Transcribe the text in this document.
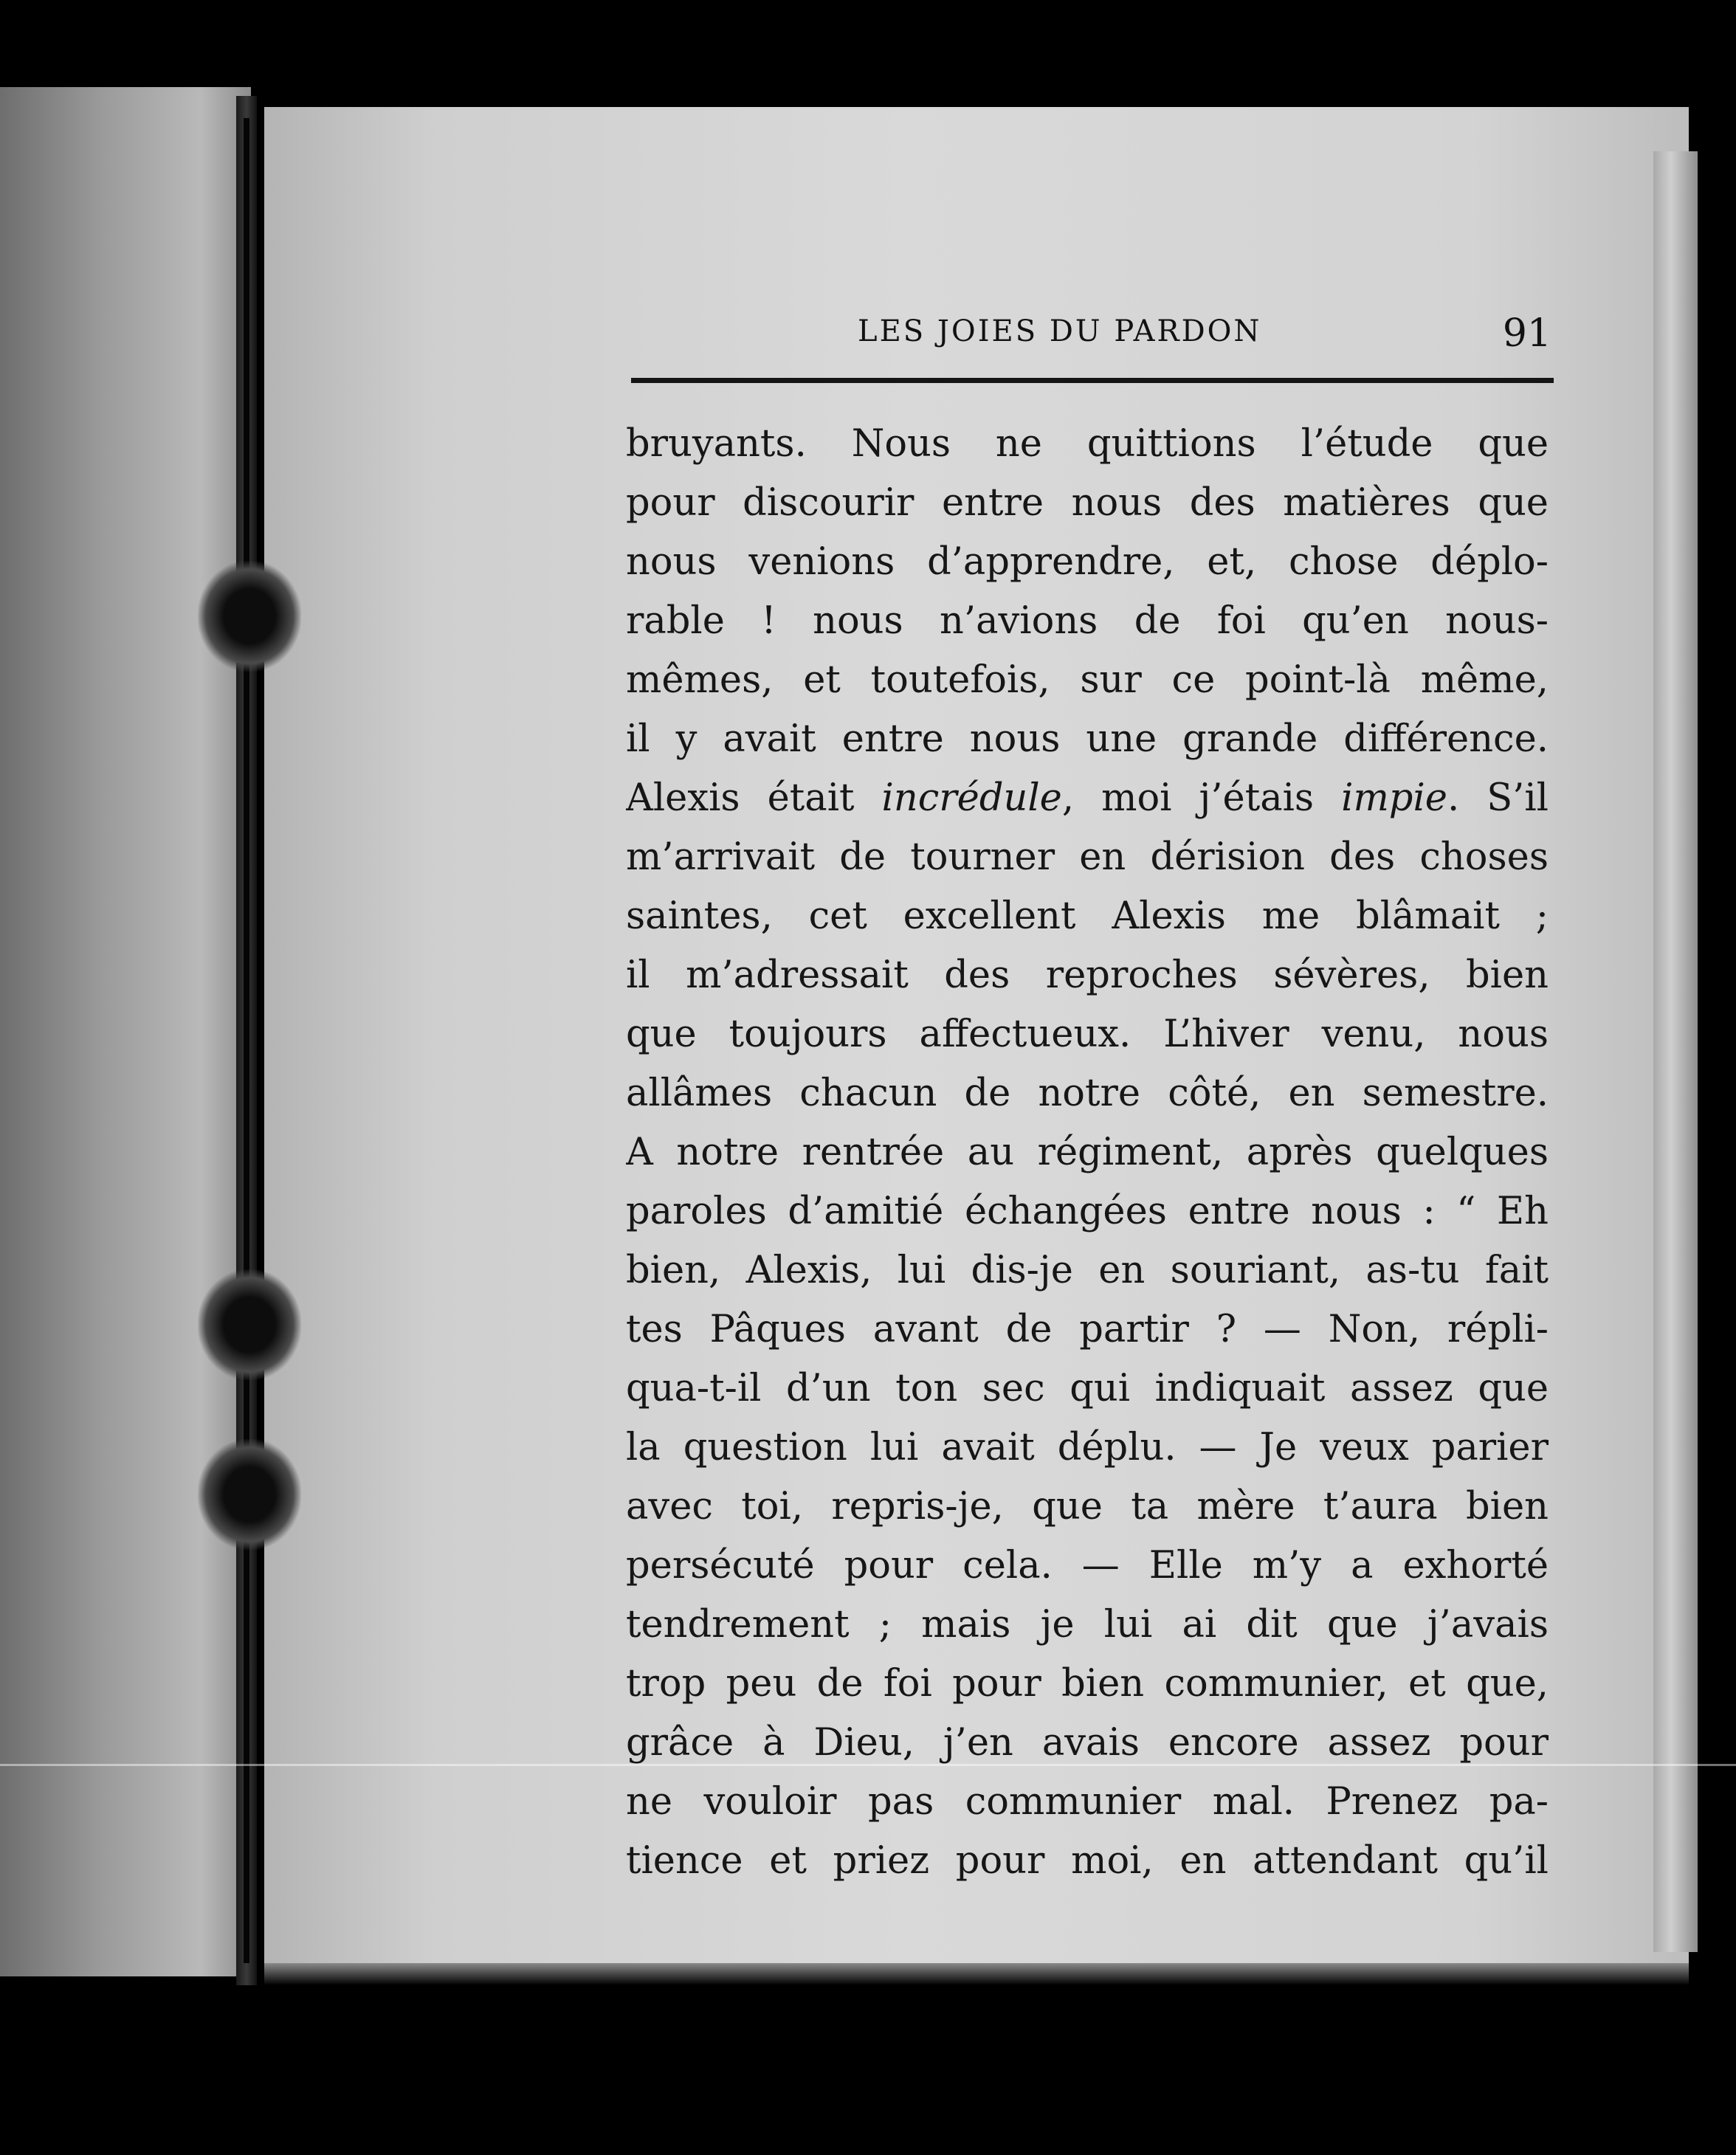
LES JOIES DU PARDON	91
bruyants. Nous ne quittions l’étude que
pour discourir entre nous des matières que
nous venions d’apprendre, et, chose déplo-
rable ! nous n’avions de foi qu’en nous-
mêmes, et toutefois, sur ce point-là même,
il y avait entre nous une grande différence.
Alexis était incrédule, moi j’étais impie. S’il
m’arrivait de tourner en dérision des choses
saintes, cet excellent Alexis me blâmait ;
il m’adressait des reproches sévères, bien
que toujours affectueux. L’hiver venu, nous
allâmes chacun de notre côté, en semestre.
A notre rentrée au régiment, après quelques
paroles d’amitié échangées entre nous : “ Eh
bien, Alexis, lui dis-je en souriant, as-tu fait
tes Pâques avant de partir ? — Non, répli-
qua-t-il d’un ton sec qui indiquait assez que
la question lui avait déplu. — Je veux parier
avec toi, repris-je, que ta mère t’aura bien
persécuté pour cela. — Elle m’y a exhorté
tendrement ; mais je lui ai dit que j’avais
trop peu de foi pour bien communier, et que,
grâce à Dieu, j’en avais encore assez pour
ne vouloir pas communier mal. Prenez pa-
tience et priez pour moi, en attendant qu’il
